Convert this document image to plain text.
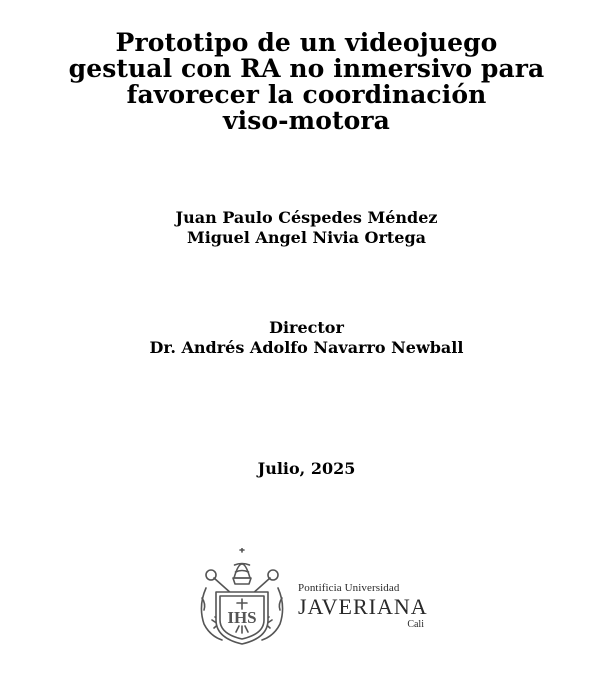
Prototipo de un videojuego
gestual con RA no inmersivo para
favorecer la coordinación
viso-motora
Juan Paulo Céspedes Méndez
Miguel Angel Nivia Ortega
Director
Dr. Andrés Adolfo Navarro Newball
Julio, 2025
IHS
Pontificia Universidad
JAVERIANA
Cali
